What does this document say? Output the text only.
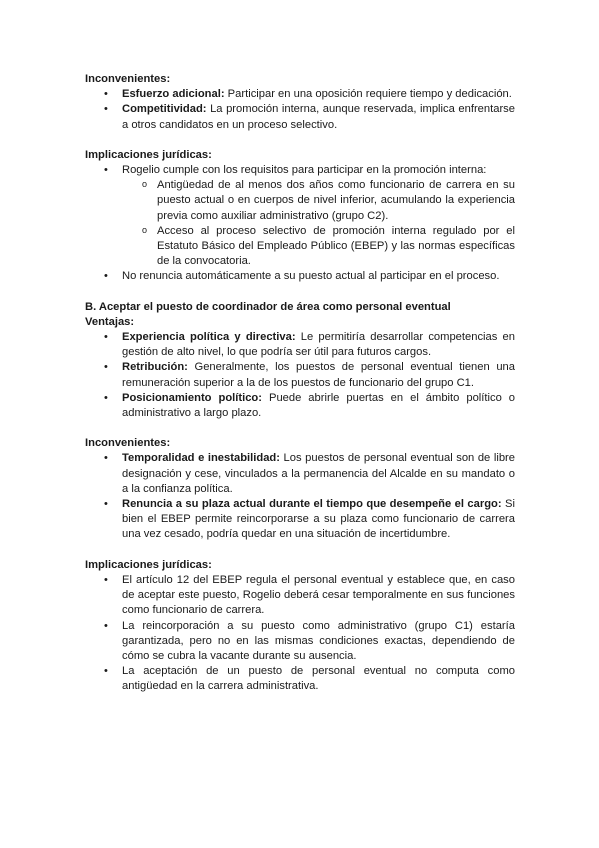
Inconvenientes:

• Esfuerzo adicional: Participar en una oposición requiere tiempo y dedicación.
• Competitividad: La promoción interna, aunque reservada, implica enfrentarse a otros candidatos en un proceso selectivo.

Implicaciones jurídicas:

• Rogelio cumple con los requisitos para participar en la promoción interna:
o Antigüedad de al menos dos años como funcionario de carrera en su puesto actual o en cuerpos de nivel inferior, acumulando la experiencia previa como auxiliar administrativo (grupo C2).
o Acceso al proceso selectivo de promoción interna regulado por el Estatuto Básico del Empleado Público (EBEP) y las normas específicas de la convocatoria.
• No renuncia automáticamente a su puesto actual al participar en el proceso.

B. Aceptar el puesto de coordinador de área como personal eventual

Ventajas:

• Experiencia política y directiva: Le permitiría desarrollar competencias en gestión de alto nivel, lo que podría ser útil para futuros cargos.
• Retribución: Generalmente, los puestos de personal eventual tienen una remuneración superior a la de los puestos de funcionario del grupo C1.
• Posicionamiento político: Puede abrirle puertas en el ámbito político o administrativo a largo plazo.

Inconvenientes:

• Temporalidad e inestabilidad: Los puestos de personal eventual son de libre designación y cese, vinculados a la permanencia del Alcalde en su mandato o a la confianza política.
• Renuncia a su plaza actual durante el tiempo que desempeñe el cargo: Si bien el EBEP permite reincorporarse a su plaza como funcionario de carrera una vez cesado, podría quedar en una situación de incertidumbre.

Implicaciones jurídicas:

• El artículo 12 del EBEP regula el personal eventual y establece que, en caso de aceptar este puesto, Rogelio deberá cesar temporalmente en sus funciones como funcionario de carrera.
• La reincorporación a su puesto como administrativo (grupo C1) estaría garantizada, pero no en las mismas condiciones exactas, dependiendo de cómo se cubra la vacante durante su ausencia.
• La aceptación de un puesto de personal eventual no computa como antigüedad en la carrera administrativa.
